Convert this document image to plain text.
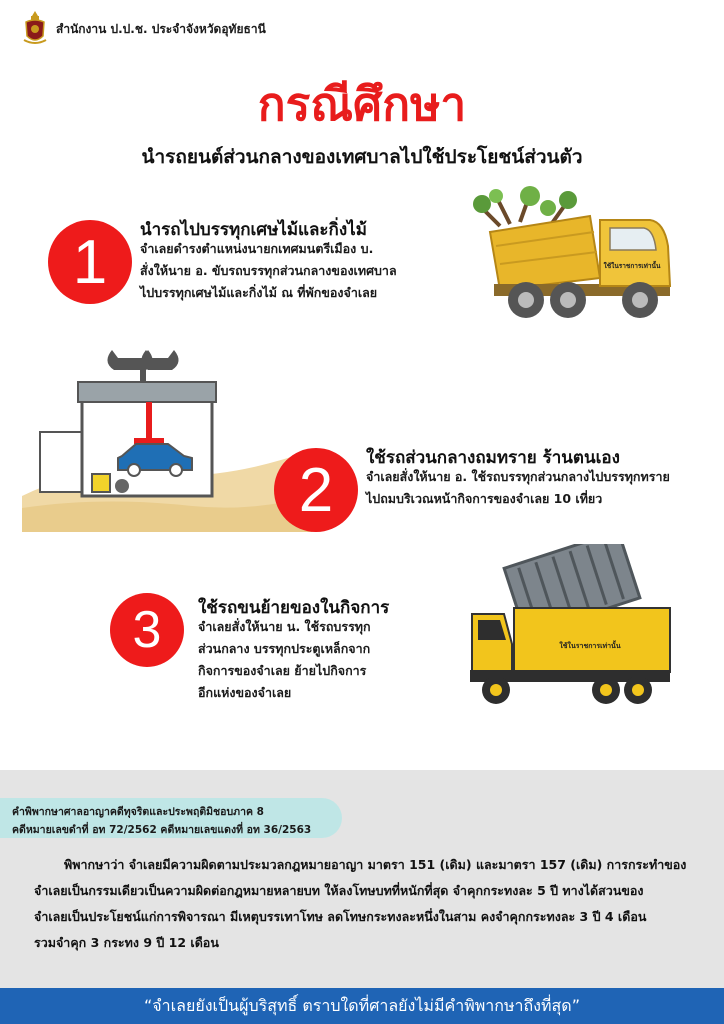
สำนักงาน ป.ป.ช. ประจำจังหวัดอุทัยธานี
กรณีศึกษา
นำรถยนต์ส่วนกลางของเทศบาลไปใช้ประโยชน์ส่วนตัว
1	นำรถไปบรรทุกเศษไม้และกิ่งไม้
จำเลยดำรงตำแหน่งนายกเทศมนตรีเมือง บ.
สั่งให้นาย อ. ขับรถบรรทุกส่วนกลางของเทศบาล
ไปบรรทุกเศษไม้และกิ่งไม้ ณ ที่พักของจำเลย
ใช้ในราชการเท่านั้น
2	ใช้รถส่วนกลางถมทราย ร้านตนเอง
จำเลยสั่งให้นาย อ. ใช้รถบรรทุกส่วนกลางไปบรรทุกทราย
ไปถมบริเวณหน้ากิจการของจำเลย 10 เที่ยว
3	ใช้รถขนย้ายของในกิจการ
จำเลยสั่งให้นาย น. ใช้รถบรรทุก
ส่วนกลาง บรรทุกประตูเหล็กจาก
กิจการของจำเลย ย้ายไปกิจการ
อีกแห่งของจำเลย
ใช้ในราชการเท่านั้น
คำพิพากษาศาลอาญาคดีทุจริตและประพฤติมิชอบภาค 8
คดีหมายเลขดำที่ อท 72/2562 คดีหมายเลขแดงที่ อท 36/2563
พิพากษาว่า จำเลยมีความผิดตามประมวลกฎหมายอาญา มาตรา 151 (เดิม) และมาตรา 157 (เดิม) การกระทำของ
จำเลยเป็นกรรมเดียวเป็นความผิดต่อกฎหมายหลายบท ให้ลงโทษบทที่หนักที่สุด จำคุกกระทงละ 5 ปี ทางได้สวนของ
จำเลยเป็นประโยชน์แก่การพิจารณา มีเหตุบรรเทาโทษ ลดโทษกระทงละหนึ่งในสาม คงจำคุกกระทงละ 3 ปี 4 เดือน
รวมจำคุก 3 กระทง 9 ปี 12 เดือน
“จำเลยยังเป็นผู้บริสุทธิ์ ตราบใดที่ศาลยังไม่มีคำพิพากษาถึงที่สุด”
